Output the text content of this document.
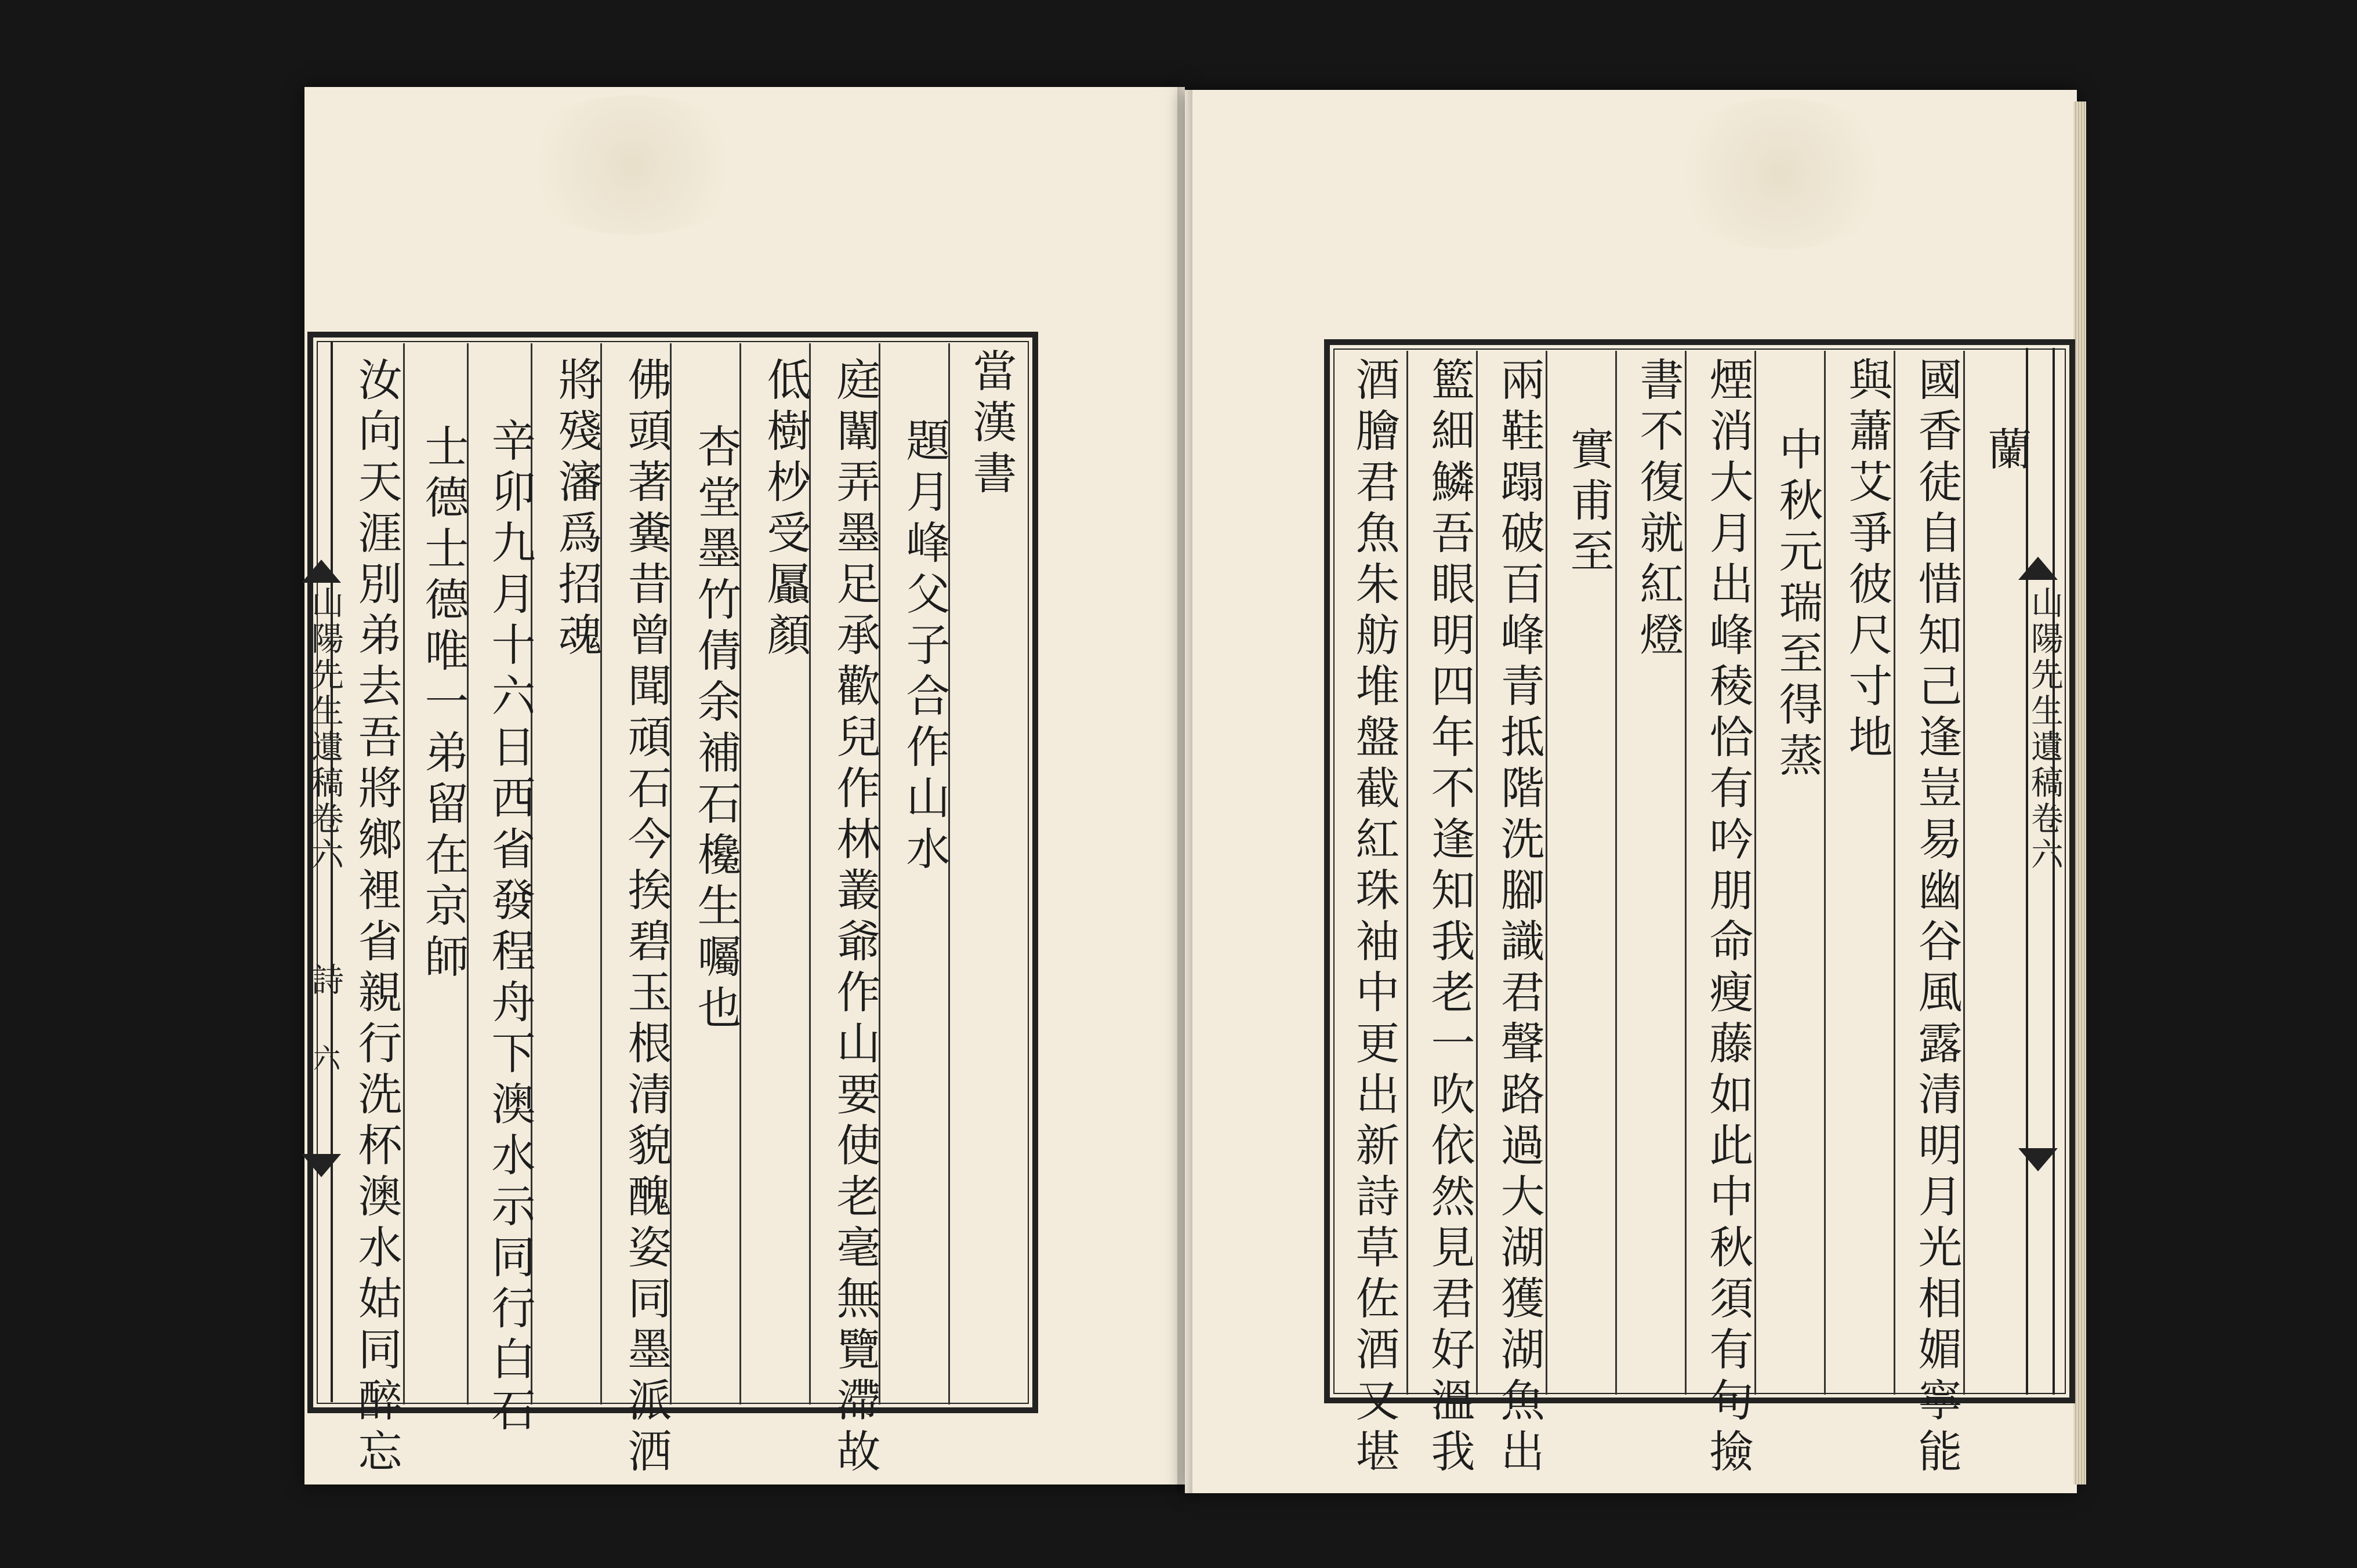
山陽先生遺稿卷六
詩
六
當漢書
題月峰父子合作山水
庭闈弄墨足承歡兒作林叢爺作山要使老毫無覽滯故
低樹杪受屭顏
杏堂墨竹倩余補石欃生囑也
佛頭著糞昔曾聞頑石今挨碧玉根清貌醜姿同墨派洒
將殘瀋爲招魂
辛卯九月十六日西省發程舟下澳水示同行白石
士德士德唯一弟留在京師
汝向天涯別弟去吾將鄉裡省親行洗杯澳水姑同醉忘	山陽先生遺稿卷六
蘭
國香徒自惜知己逢豈易幽谷風露清明月光相媚寧能
與蕭艾爭彼尺寸地
中秋元瑞至得蒸
煙消大月出峰稜恰有吟朋命瘦藤如此中秋須有句撿
書不復就紅燈
實甫至
兩鞋蹋破百峰青抵階洗腳識君聲路過大湖獲湖魚出
籃細鱗吾眼明四年不逢知我老一吹依然見君好溫我
酒膾君魚朱舫堆盤截紅珠袖中更出新詩草佐酒又堪
